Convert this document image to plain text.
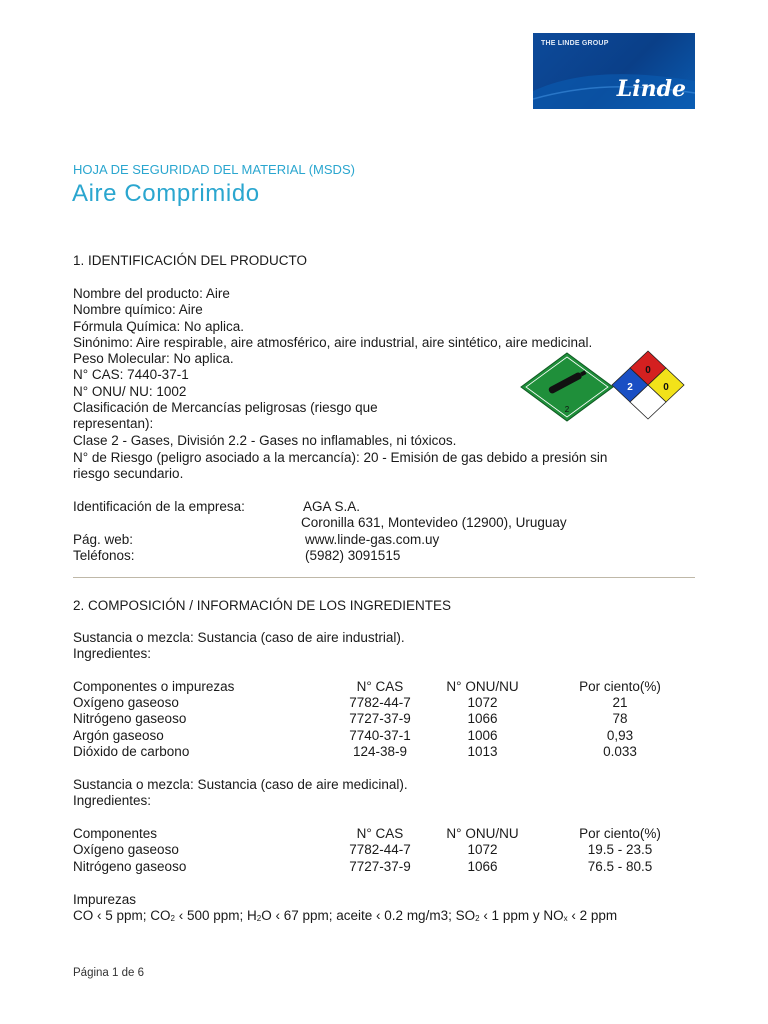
THE LINDE GROUP
Linde
HOJA DE SEGURIDAD DEL MATERIAL (MSDS)
Aire Comprimido
1. IDENTIFICACIÓN DEL PRODUCTO
Nombre del producto: Aire
Nombre químico: Aire
Fórmula Química: No aplica.
Sinónimo: Aire respirable, aire atmosférico, aire industrial, aire sintético, aire medicinal.
Peso Molecular: No aplica.
N° CAS: 7440-37-1
N° ONU/ NU: 1002
Clasificación de Mercancías peligrosas (riesgo que
representan):
Clase 2 - Gases, División 2.2 - Gases no inflamables, ni tóxicos.
N° de Riesgo (peligro asociado a la mercancía): 20 - Emisión de gas debido a presión sin
riesgo secundario.
2
0
2	0
Identificación de la empresa:	AGA S.A.
Coronilla 631, Montevideo (12900), Uruguay
Pág. web:	www.linde-gas.com.uy
Teléfonos:	(5982) 3091515
2. COMPOSICIÓN / INFORMACIÓN DE LOS INGREDIENTES
Sustancia o mezcla: Sustancia (caso de aire industrial).
Ingredientes:
Componentes o impurezas	N° CAS	N° ONU/NU	Por ciento(%)
Oxígeno gaseoso	7782-44-7	1072	21
Nitrógeno gaseoso	7727-37-9	1066	78
Argón gaseoso	7740-37-1	1006	0,93
Dióxido de carbono	124-38-9	1013	0.033
Sustancia o mezcla: Sustancia (caso de aire medicinal).
Ingredientes:
Componentes	N° CAS	N° ONU/NU	Por ciento(%)
Oxígeno gaseoso	7782-44-7	1072	19.5 - 23.5
Nitrógeno gaseoso	7727-37-9	1066	76.5 - 80.5
Impurezas
CO ‹ 5 ppm; $CO_2$ ‹ 500 ppm; $H_2O$ ‹ 67 ppm; aceite ‹ 0.2 mg/m3; $SO_2$ ‹ 1 ppm y $NO_x$ ‹ 2 ppm
Página 1 de 6
